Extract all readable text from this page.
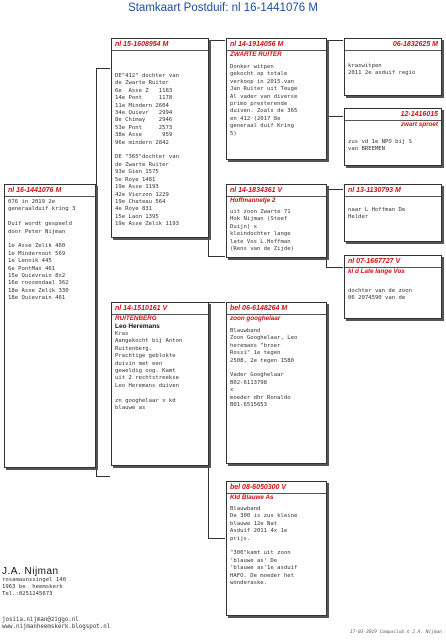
Stamkaart Postduif: nl 16-1441076 M
nl 16-1441076 M
076 in 2019 2e
generaalduif kring 3

Duif wordt gespeeld
door Peter Nijman

1e Asse Zelik 460
1e Mindernout 569
1e Lennik 445
6e PontMax 461
15e Quievrain 8x2
16e roosendaal 362
18e Asse Zelik 330
18e Quievrain 461
nl 15-1608954 M
DE"412" dochter van
de Zwarte Ruiter
6e  Asse Z   1183
14e Pont     1178
11e Mindern 2604
34e Quievr   2994
8e Chimay    2946
53e Pont     2573
38e Asse      959
96e mindern 2842

DE "365"dochter van
de Zwarte Ruiter
93e Gien 1575
5e Roye 1481
19e Asse 1193
42e Vierzon 1229
19e Chateau 564
4e Roye 831
15e Laon 1395
19e Asse Zelik 1193
nl 14-1510161 V
RUITENBERG
Leo Heremans
Kras
Aangekocht bij Anton
Ruitenberg.
Prachtige geblokte
duivin met een
geweldig oog. Kamt
uit 2 rechtstreekse
Leo Heremans duiven

zn googhelaar x kd
blauwe as
nl 14-1914056 M
ZWARTE RUITER
Donker witpen
gekocht op totale
verkoop in 2015.van
Jan Ruiter uit Teuge
Al vader van diverse
primo presterende
duiven. Zoals de 365
en 412 (2017 8e
generaal duif Kring
5)
nl 14-1834361 V
Hoffmannetje 2
uit zoon Zwarte 71
Hok Nijman (Steef
Duijn) x
kleindochter lange
late Vos L.Hoffman
(Rens van de Zijde)
bel 06-6148264 M
zoon googhelaar
Blauwband
Zoon Googhelaar, Leo
heremans "broer
Rossi" 1e tegen
2508, 2e tegen 1580

Vader Googhelaar
B02-6113798
x
moeder dhr Ronaldo
B01-6515653
bel 08-6050300 V
Kld Blauwe As
Blauwband
De 300 is zus kleine
blauwe 12e Nat
Asduif 2011 4x 1e
prijs.

"300"kamt uit zoon
'blauwe as' De
'blauwe as'1e asduif
HAFO. De moeder het
wonderaske.
06-1832625 M
kraswitpen
2011 2e asduif regio
12-1416015
zwart sproet
zus vd 1e NPO bij S
van BREEMEN
nl 13-1130793 M
naar L Hoffman De
Helder
nl 07-1667727 V
kl d Late lange Vos
dochter van de zoon
06 2074590 van de
J.A. Nijman
rosamaunssingel 140
1963 be  heemskerk
Tel.:0251245673
josiia.nijman@ziggo.nl
www.nijmanheemskerk.blogspot.nl
17-03-2019 Compuclub © J.A. Nijman
